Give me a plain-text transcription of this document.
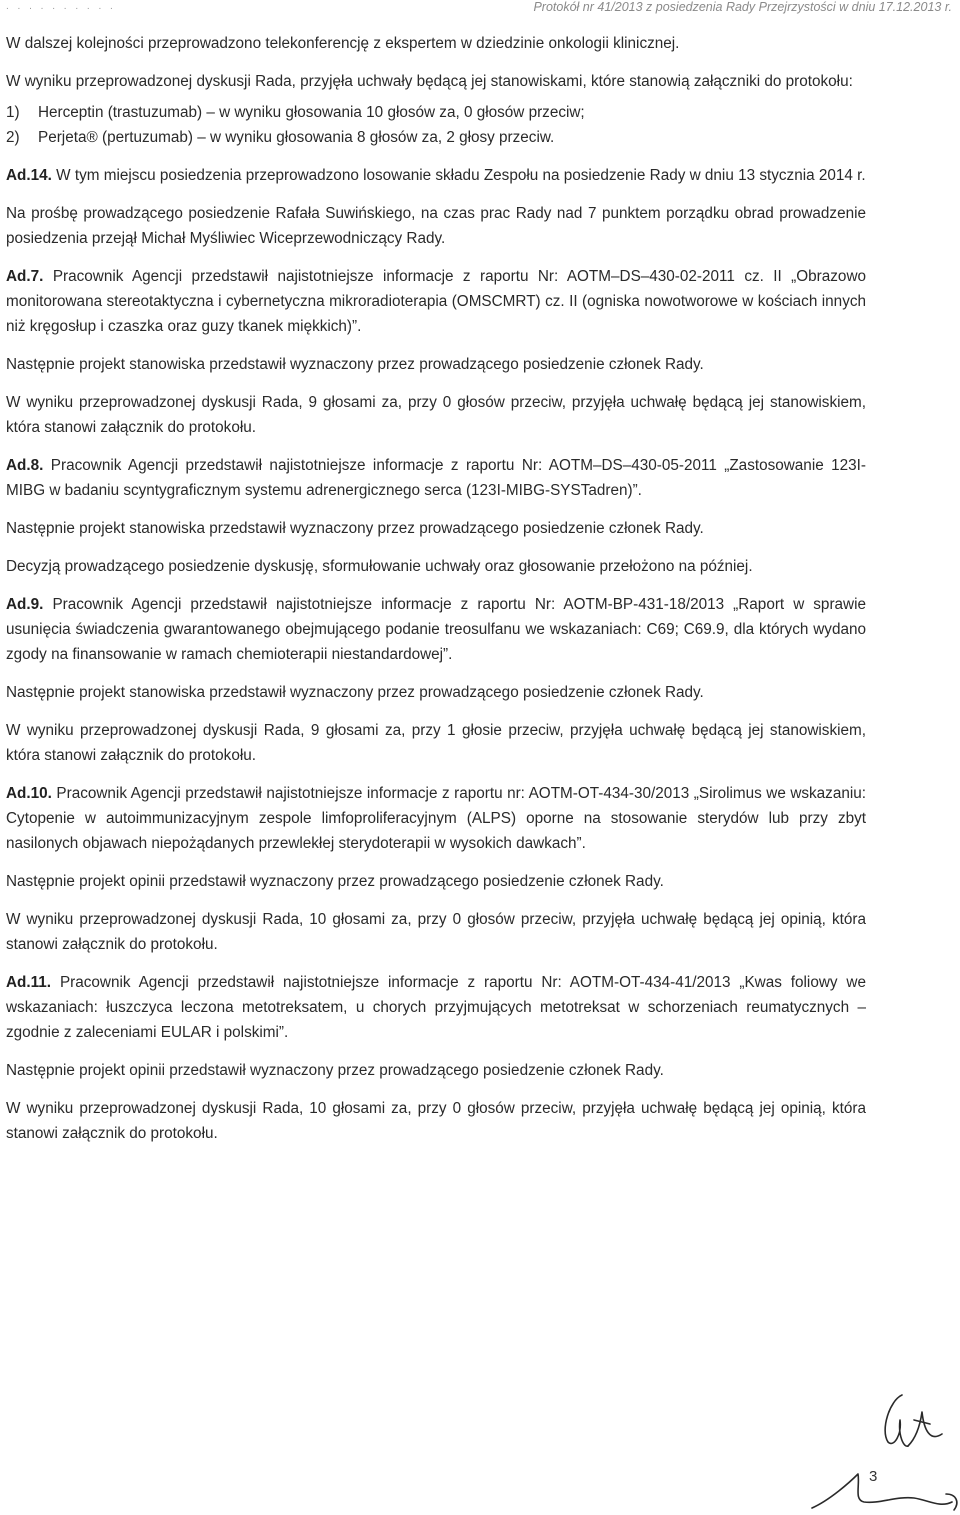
. . . . . . . . . .	Protokół nr 41/2013 z posiedzenia Rady Przejrzystości w dniu 17.12.2013 r.

W dalszej kolejności przeprowadzono telekonferencję z ekspertem w dziedzinie onkologii klinicznej.

W wyniku przeprowadzonej dyskusji Rada, przyjęła uchwały będącą jej stanowiskami, które stanowią załączniki do protokołu:

1) Herceptin (trastuzumab) – w wyniku głosowania 10 głosów za, 0 głosów przeciw;
2) Perjeta® (pertuzumab) – w wyniku głosowania 8 głosów za, 2 głosy przeciw.

Ad.14. W tym miejscu posiedzenia przeprowadzono losowanie składu Zespołu na posiedzenie Rady w dniu 13 stycznia 2014 r.

Na prośbę prowadzącego posiedzenie Rafała Suwińskiego, na czas prac Rady nad 7 punktem porządku obrad prowadzenie posiedzenia przejął Michał Myśliwiec Wiceprzewodniczący Rady.

Ad.7. Pracownik Agencji przedstawił najistotniejsze informacje z raportu Nr: AOTM–DS–430-02-2011 cz. II „Obrazowo monitorowana stereotaktyczna i cybernetyczna mikroradioterapia (OMSCMRT) cz. II (ogniska nowotworowe w kościach innych niż kręgosłup i czaszka oraz guzy tkanek miękkich)”.

Następnie projekt stanowiska przedstawił wyznaczony przez prowadzącego posiedzenie członek Rady.

W wyniku przeprowadzonej dyskusji Rada, 9 głosami za, przy 0 głosów przeciw, przyjęła uchwałę będącą jej stanowiskiem, która stanowi załącznik do protokołu.

Ad.8. Pracownik Agencji przedstawił najistotniejsze informacje z raportu Nr: AOTM–DS–430-05-2011 „Zastosowanie 123I-MIBG w badaniu scyntygraficznym systemu adrenergicznego serca (123I-MIBG-SYSTadren)”.

Następnie projekt stanowiska przedstawił wyznaczony przez prowadzącego posiedzenie członek Rady.

Decyzją prowadzącego posiedzenie dyskusję, sformułowanie uchwały oraz głosowanie przełożono na później.

Ad.9. Pracownik Agencji przedstawił najistotniejsze informacje z raportu Nr: AOTM-BP-431-18/2013 „Raport w sprawie usunięcia świadczenia gwarantowanego obejmującego podanie treosulfanu we wskazaniach: C69; C69.9, dla których wydano zgody na finansowanie w ramach chemioterapii niestandardowej”.

Następnie projekt stanowiska przedstawił wyznaczony przez prowadzącego posiedzenie członek Rady.

W wyniku przeprowadzonej dyskusji Rada, 9 głosami za, przy 1 głosie przeciw, przyjęła uchwałę będącą jej stanowiskiem, która stanowi załącznik do protokołu.

Ad.10. Pracownik Agencji przedstawił najistotniejsze informacje z raportu nr: AOTM-OT-434-30/2013 „Sirolimus we wskazaniu: Cytopenie w autoimmunizacyjnym zespole limfoproliferacyjnym (ALPS) oporne na stosowanie sterydów lub przy zbyt nasilonych objawach niepożądanych przewlekłej sterydoterapii w wysokich dawkach”.

Następnie projekt opinii przedstawił wyznaczony przez prowadzącego posiedzenie członek Rady.

W wyniku przeprowadzonej dyskusji Rada, 10 głosami za, przy 0 głosów przeciw, przyjęła uchwałę będącą jej opinią, która stanowi załącznik do protokołu.

Ad.11. Pracownik Agencji przedstawił najistotniejsze informacje z raportu Nr: AOTM-OT-434-41/2013 „Kwas foliowy we wskazaniach: łuszczyca leczona metotreksatem, u chorych przyjmujących metotreksat w schorzeniach reumatycznych – zgodnie z zaleceniami EULAR i polskimi”.

Następnie projekt opinii przedstawił wyznaczony przez prowadzącego posiedzenie członek Rady.

W wyniku przeprowadzonej dyskusji Rada, 10 głosami za, przy 0 głosów przeciw, przyjęła uchwałę będącą jej opinią, która stanowi załącznik do protokołu.

3
